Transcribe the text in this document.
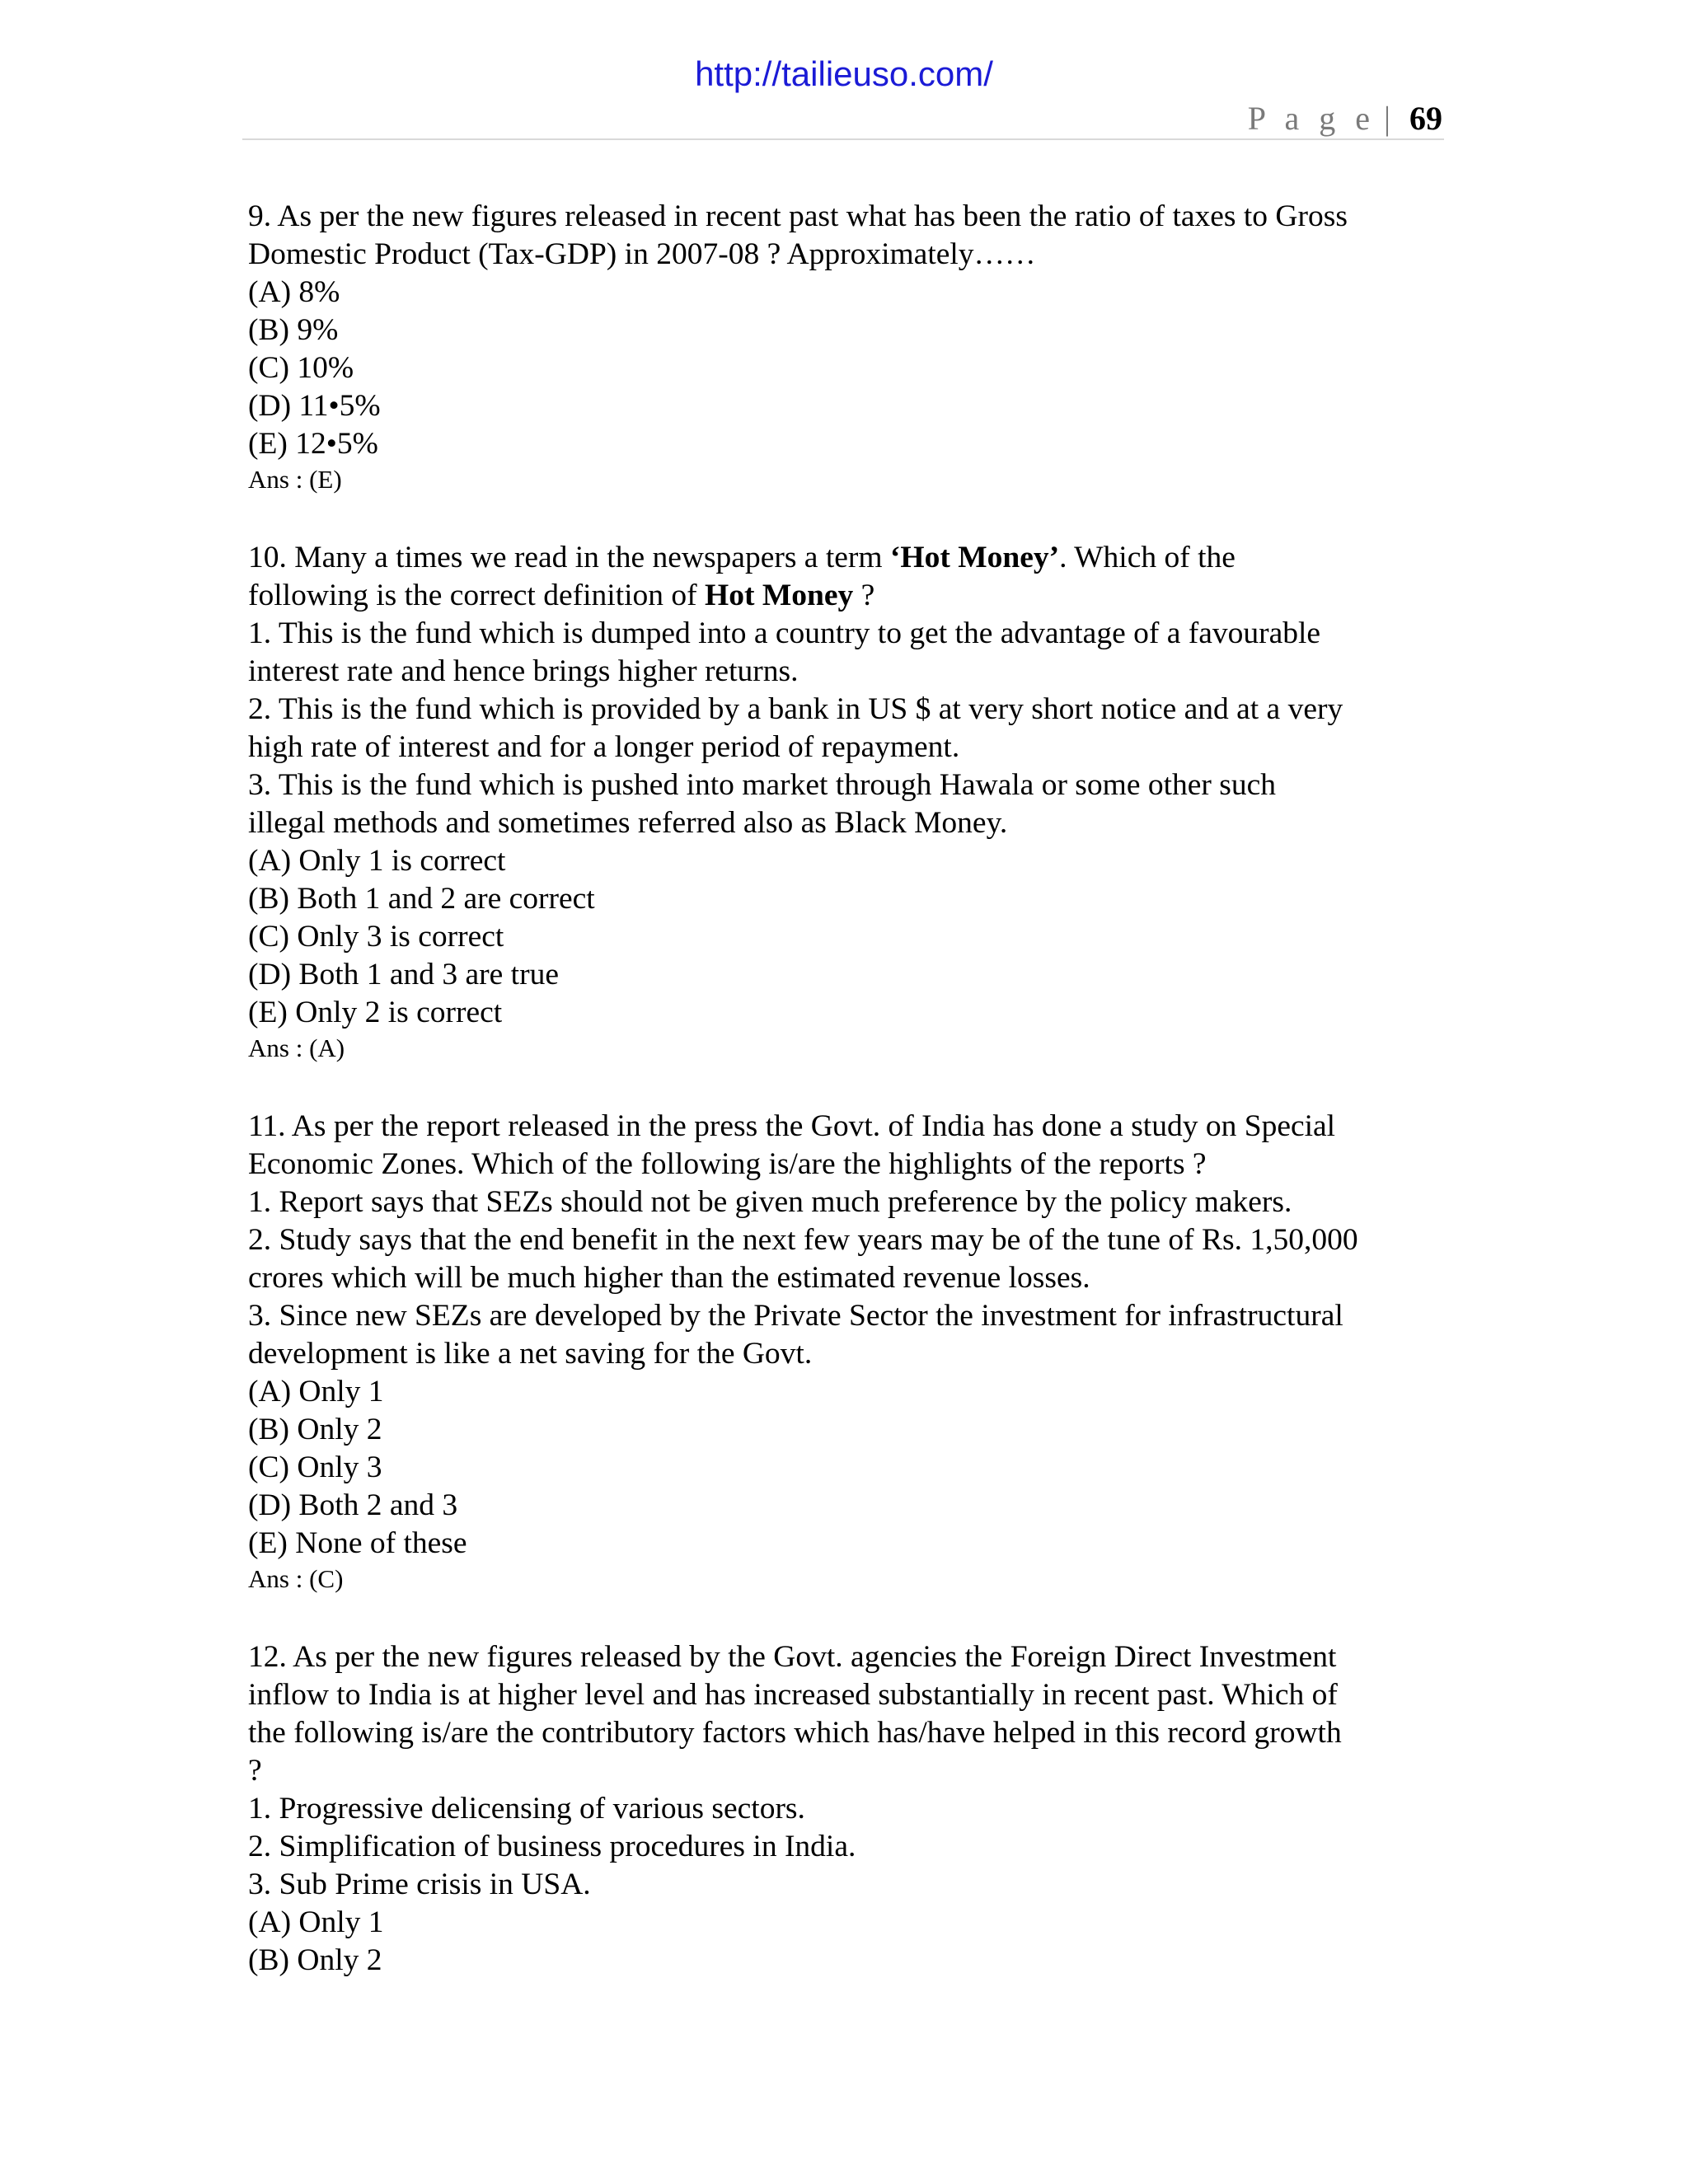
http://tailieuso.com/
P a g e | 69
9. As per the new figures released in recent past what has been the ratio of taxes to Gross
Domestic Product (Tax-GDP) in 2007-08 ? Approximately……
(A) 8%
(B) 9%
(C) 10%
(D) 11•5%
(E) 12•5%
Ans : (E)
10. Many a times we read in the newspapers a term ‘Hot Money’. Which of the
following is the correct definition of Hot Money ?
1. This is the fund which is dumped into a country to get the advantage of a favourable
interest rate and hence brings higher returns.
2. This is the fund which is provided by a bank in US $ at very short notice and at a very
high rate of interest and for a longer period of repayment.
3. This is the fund which is pushed into market through Hawala or some other such
illegal methods and sometimes referred also as Black Money.
(A) Only 1 is correct
(B) Both 1 and 2 are correct
(C) Only 3 is correct
(D) Both 1 and 3 are true
(E) Only 2 is correct
Ans : (A)
11. As per the report released in the press the Govt. of India has done a study on Special
Economic Zones. Which of the following is/are the highlights of the reports ?
1. Report says that SEZs should not be given much preference by the policy makers.
2. Study says that the end benefit in the next few years may be of the tune of Rs. 1,50,000
crores which will be much higher than the estimated revenue losses.
3. Since new SEZs are developed by the Private Sector the investment for infrastructural
development is like a net saving for the Govt.
(A) Only 1
(B) Only 2
(C) Only 3
(D) Both 2 and 3
(E) None of these
Ans : (C)
12. As per the new figures released by the Govt. agencies the Foreign Direct Investment
inflow to India is at higher level and has increased substantially in recent past. Which of
the following is/are the contributory factors which has/have helped in this record growth
?
1. Progressive delicensing of various sectors.
2. Simplification of business procedures in India.
3. Sub Prime crisis in USA.
(A) Only 1
(B) Only 2
